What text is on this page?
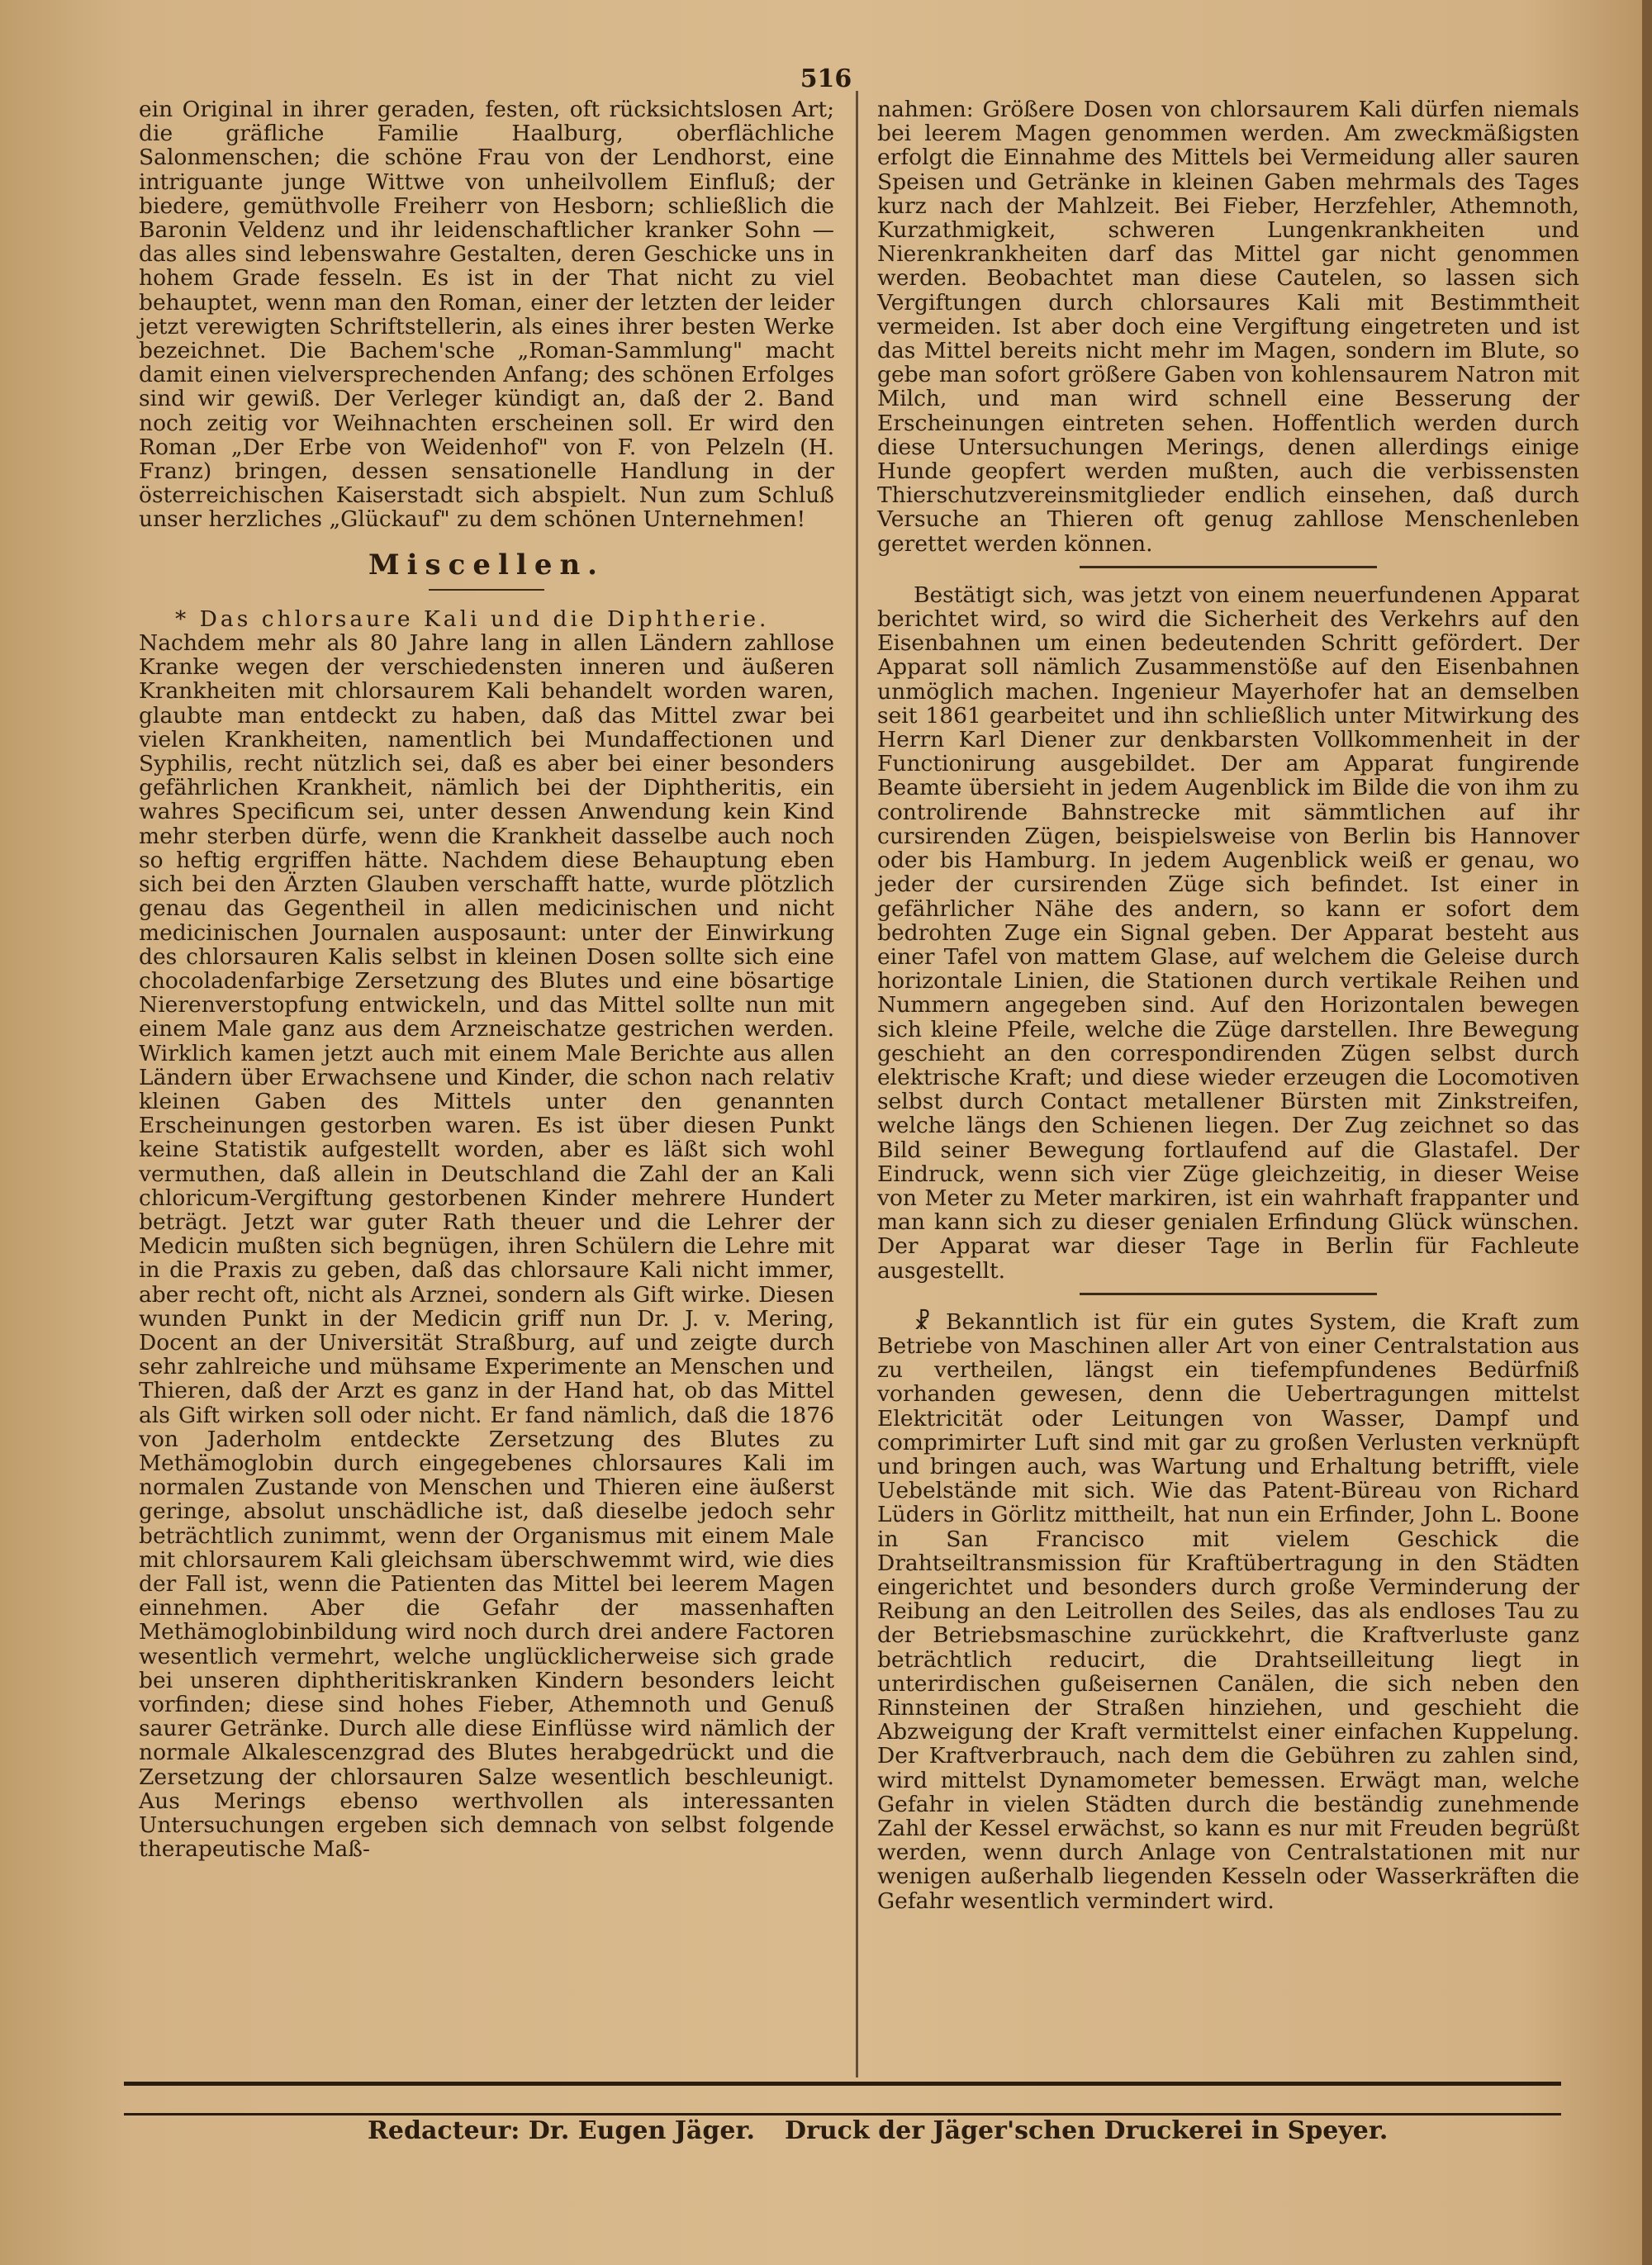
516

ein Original in ihrer geraden, festen, oft rücksichtslosen Art; die gräfliche Familie Haalburg, oberflächliche Salonmenschen; die schöne Frau von der Lendhorst, eine intriguante junge Wittwe von unheilvollem Einfluß; der biedere, gemüthvolle Freiherr von Hesborn; schließlich die Baronin Veldenz und ihr leidenschaftlicher kranker Sohn — das alles sind lebenswahre Gestalten, deren Geschicke uns in hohem Grade fesseln. Es ist in der That nicht zu viel behauptet, wenn man den Roman, einer der letzten der leider jetzt verewigten Schriftstellerin, als eines ihrer besten Werke bezeichnet. Die Bachem'sche „Roman-Sammlung" macht damit einen vielversprechenden Anfang; des schönen Erfolges sind wir gewiß. Der Verleger kündigt an, daß der 2. Band noch zeitig vor Weihnachten erscheinen soll. Er wird den Roman „Der Erbe von Weidenhof" von F. von Pelzeln (H. Franz) bringen, dessen sensationelle Handlung in der österreichischen Kaiserstadt sich abspielt. Nun zum Schluß unser herzliches „Glückauf" zu dem schönen Unternehmen!

Miscellen.

* Das chlorsaure Kali und die Diphtherie.

Nachdem mehr als 80 Jahre lang in allen Ländern zahllose Kranke wegen der verschiedensten inneren und äußeren Krankheiten mit chlorsaurem Kali behandelt worden waren, glaubte man entdeckt zu haben, daß das Mittel zwar bei vielen Krankheiten, namentlich bei Mundaffectionen und Syphilis, recht nützlich sei, daß es aber bei einer besonders gefährlichen Krankheit, nämlich bei der Diphtheritis, ein wahres Specificum sei, unter dessen Anwendung kein Kind mehr sterben dürfe, wenn die Krankheit dasselbe auch noch so heftig ergriffen hätte. Nachdem diese Behauptung eben sich bei den Ärzten Glauben verschafft hatte, wurde plötzlich genau das Gegentheil in allen medicinischen und nicht medicinischen Journalen ausposaunt: unter der Einwirkung des chlorsauren Kalis selbst in kleinen Dosen sollte sich eine chocoladenfarbige Zersetzung des Blutes und eine bösartige Nierenverstopfung entwickeln, und das Mittel sollte nun mit einem Male ganz aus dem Arzneischatze gestrichen werden. Wirklich kamen jetzt auch mit einem Male Berichte aus allen Ländern über Erwachsene und Kinder, die schon nach relativ kleinen Gaben des Mittels unter den genannten Erscheinungen gestorben waren. Es ist über diesen Punkt keine Statistik aufgestellt worden, aber es läßt sich wohl vermuthen, daß allein in Deutschland die Zahl der an Kali chloricum-Vergiftung gestorbenen Kinder mehrere Hundert beträgt. Jetzt war guter Rath theuer und die Lehrer der Medicin mußten sich begnügen, ihren Schülern die Lehre mit in die Praxis zu geben, daß das chlorsaure Kali nicht immer, aber recht oft, nicht als Arznei, sondern als Gift wirke. Diesen wunden Punkt in der Medicin griff nun Dr. J. v. Mering, Docent an der Universität Straßburg, auf und zeigte durch sehr zahlreiche und mühsame Experimente an Menschen und Thieren, daß der Arzt es ganz in der Hand hat, ob das Mittel als Gift wirken soll oder nicht. Er fand nämlich, daß die 1876 von Jaderholm entdeckte Zersetzung des Blutes zu Methämoglobin durch eingegebenes chlorsaures Kali im normalen Zustande von Menschen und Thieren eine äußerst geringe, absolut unschädliche ist, daß dieselbe jedoch sehr beträchtlich zunimmt, wenn der Organismus mit einem Male mit chlorsaurem Kali gleichsam überschwemmt wird, wie dies der Fall ist, wenn die Patienten das Mittel bei leerem Magen einnehmen. Aber die Gefahr der massenhaften Methämoglobinbildung wird noch durch drei andere Factoren wesentlich vermehrt, welche unglücklicherweise sich grade bei unseren diphtheritiskranken Kindern besonders leicht vorfinden; diese sind hohes Fieber, Athemnoth und Genuß saurer Getränke. Durch alle diese Einflüsse wird nämlich der normale Alkalescenzgrad des Blutes herabgedrückt und die Zersetzung der chlorsauren Salze wesentlich beschleunigt. Aus Merings ebenso werthvollen als interessanten Untersuchungen ergeben sich demnach von selbst folgende therapeutische Maß-

nahmen: Größere Dosen von chlorsaurem Kali dürfen niemals bei leerem Magen genommen werden. Am zweckmäßigsten erfolgt die Einnahme des Mittels bei Vermeidung aller sauren Speisen und Getränke in kleinen Gaben mehrmals des Tages kurz nach der Mahlzeit. Bei Fieber, Herzfehler, Athemnoth, Kurzathmigkeit, schweren Lungenkrankheiten und Nierenkrankheiten darf das Mittel gar nicht genommen werden. Beobachtet man diese Cautelen, so lassen sich Vergiftungen durch chlorsaures Kali mit Bestimmtheit vermeiden. Ist aber doch eine Vergiftung eingetreten und ist das Mittel bereits nicht mehr im Magen, sondern im Blute, so gebe man sofort größere Gaben von kohlensaurem Natron mit Milch, und man wird schnell eine Besserung der Erscheinungen eintreten sehen. Hoffentlich werden durch diese Untersuchungen Merings, denen allerdings einige Hunde geopfert werden mußten, auch die verbissensten Thierschutzvereinsmitglieder endlich einsehen, daß durch Versuche an Thieren oft genug zahllose Menschenleben gerettet werden können.

Bestätigt sich, was jetzt von einem neuerfundenen Apparat berichtet wird, so wird die Sicherheit des Verkehrs auf den Eisenbahnen um einen bedeutenden Schritt gefördert. Der Apparat soll nämlich Zusammenstöße auf den Eisenbahnen unmöglich machen. Ingenieur Mayerhofer hat an demselben seit 1861 gearbeitet und ihn schließlich unter Mitwirkung des Herrn Karl Diener zur denkbarsten Vollkommenheit in der Functionirung ausgebildet. Der am Apparat fungirende Beamte übersieht in jedem Augenblick im Bilde die von ihm zu controlirende Bahnstrecke mit sämmtlichen auf ihr cursirenden Zügen, beispielsweise von Berlin bis Hannover oder bis Hamburg. In jedem Augenblick weiß er genau, wo jeder der cursirenden Züge sich befindet. Ist einer in gefährlicher Nähe des andern, so kann er sofort dem bedrohten Zuge ein Signal geben. Der Apparat besteht aus einer Tafel von mattem Glase, auf welchem die Geleise durch horizontale Linien, die Stationen durch vertikale Reihen und Nummern angegeben sind. Auf den Horizontalen bewegen sich kleine Pfeile, welche die Züge darstellen. Ihre Bewegung geschieht an den correspondirenden Zügen selbst durch elektrische Kraft; und diese wieder erzeugen die Locomotiven selbst durch Contact metallener Bürsten mit Zinkstreifen, welche längs den Schienen liegen. Der Zug zeichnet so das Bild seiner Bewegung fortlaufend auf die Glastafel. Der Eindruck, wenn sich vier Züge gleichzeitig, in dieser Weise von Meter zu Meter markiren, ist ein wahrhaft frappanter und man kann sich zu dieser genialen Erfindung Glück wünschen. Der Apparat war dieser Tage in Berlin für Fachleute ausgestellt.

☧ Bekanntlich ist für ein gutes System, die Kraft zum Betriebe von Maschinen aller Art von einer Centralstation aus zu vertheilen, längst ein tiefempfundenes Bedürfniß vorhanden gewesen, denn die Uebertragungen mittelst Elektricität oder Leitungen von Wasser, Dampf und comprimirter Luft sind mit gar zu großen Verlusten verknüpft und bringen auch, was Wartung und Erhaltung betrifft, viele Uebelstände mit sich. Wie das Patent-Büreau von Richard Lüders in Görlitz mittheilt, hat nun ein Erfinder, John L. Boone in San Francisco mit vielem Geschick die Drahtseiltransmission für Kraftübertragung in den Städten eingerichtet und besonders durch große Verminderung der Reibung an den Leitrollen des Seiles, das als endloses Tau zu der Betriebsmaschine zurückkehrt, die Kraftverluste ganz beträchtlich reducirt, die Drahtseilleitung liegt in unterirdischen gußeisernen Canälen, die sich neben den Rinnsteinen der Straßen hinziehen, und geschieht die Abzweigung der Kraft vermittelst einer einfachen Kuppelung. Der Kraftverbrauch, nach dem die Gebühren zu zahlen sind, wird mittelst Dynamometer bemessen. Erwägt man, welche Gefahr in vielen Städten durch die beständig zunehmende Zahl der Kessel erwächst, so kann es nur mit Freuden begrüßt werden, wenn durch Anlage von Centralstationen mit nur wenigen außerhalb liegenden Kesseln oder Wasserkräften die Gefahr wesentlich vermindert wird.

Redacteur: Dr. Eugen Jäger. Druck der Jäger'schen Druckerei in Speyer.
